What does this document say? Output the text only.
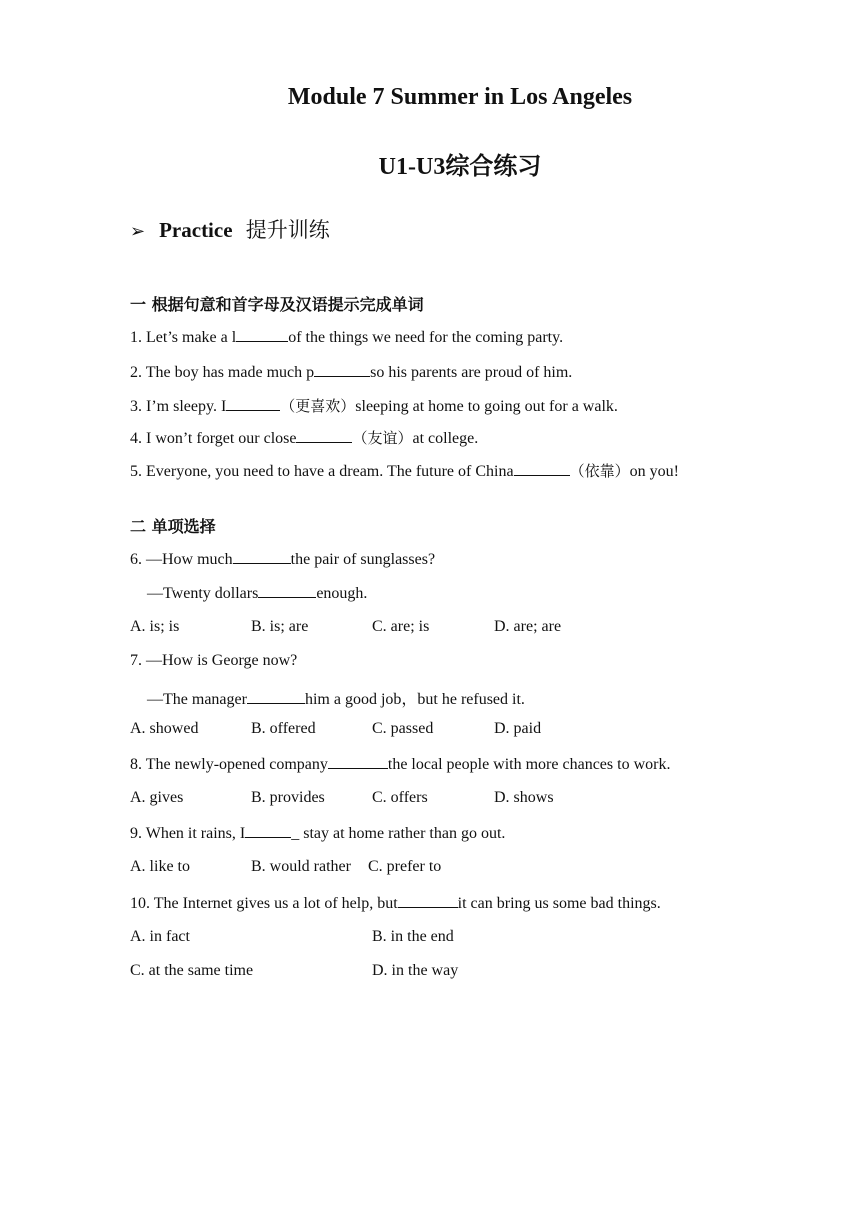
Module 7 Summer in Los Angeles
U1-U3综合练习
➢ Practice 提升训练
一 根据句意和首字母及汉语提示完成单词
1. Let’s make a l	of the things we need for the coming party.
2. The boy has made much p	so his parents are proud of him.
3. I’m sleepy. I	（更喜欢）sleeping at home to going out for a walk.
4. I won’t forget our close	（友谊）at college.
5. Everyone, you need to have a dream. The future of China	（依靠）on you!
二 单项选择
6. —How much	the pair of sunglasses?
—Twenty dollars	enough.
A. is; is	B. is; are	C. are; is	D. are; are
7. —How is George now?
—The manager	him a good job，but he refused it.
A. showed	B. offered	C. passed	D. paid
8. The newly-opened company	the local people with more chances to work.
A. gives	B. provides	C. offers	D. shows
9. When it rains, I	_ stay at home rather than go out.
A. like to	B. would rather C. prefer to
10. The Internet gives us a lot of help, but	it can bring us some bad things.
A. in fact	B. in the end
C. at the same time	D. in the way
